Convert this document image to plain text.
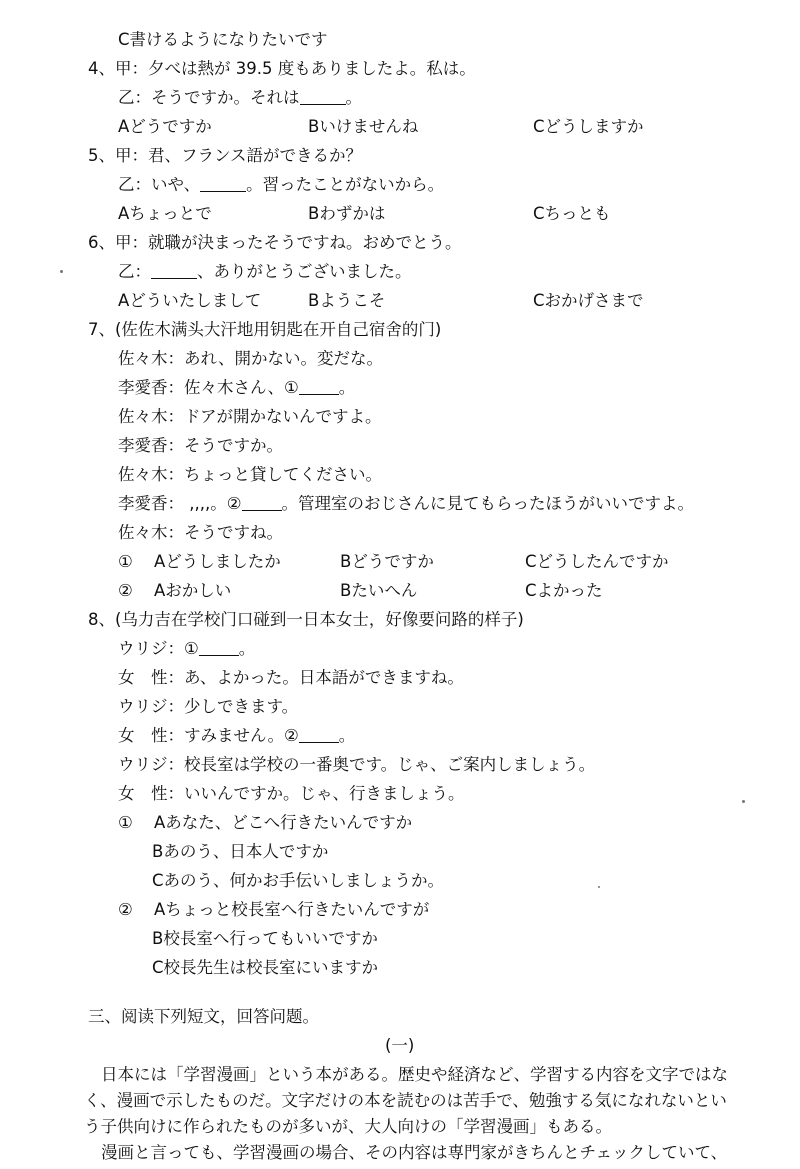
C書けるようになりたいです
4、甲：夕べは熱が 39.5 度もありましたよ。私は。
乙：そうですか。それは	。
Aどうですか	Bいけませんね	Cどうしますか
5、甲：君、フランス語ができるか？
乙：いや、	。習ったことがないから。
Aちょっとで	Bわずかは	Cちっとも
6、甲：就職が決まったそうですね。おめでとう。
乙：	、ありがとうございました。
Aどういたしまして	Bようこそ	Cおかげさまで
7、(佐佐木满头大汗地用钥匙在开自己宿舍的门)
佐々木：あれ、開かない。変だな。
李愛香：佐々木さん、① 。
佐々木：ドアが開かないんですよ。
李愛香：そうですか。
佐々木：ちょっと貸してください。
李愛香： ,,,,。② 。管理室のおじさんに見てもらったほうがいいですよ。
佐々木：そうですね。
① Aどうしましたか	Bどうですか	Cどうしたんですか
② Aおかしい	Bたいへん	Cよかった
8、(乌力吉在学校门口碰到一日本女士，好像要问路的样子)
ウリジ：① 。
女　性：あ、よかった。日本語ができますね。
ウリジ：少しできます。
女　性：すみません。② 。
ウリジ：校長室は学校の一番奥です。じゃ、ご案内しましょう。
女　性：いいんですか。じゃ、行きましょう。
① Aあなた、どこへ行きたいんですか
Bあのう、日本人ですか
Cあのう、何かお手伝いしましょうか。
② Aちょっと校長室へ行きたいんですが
B校長室へ行ってもいいですか
C校長先生は校長室にいますか
三、阅读下列短文，回答问题。
(一)
日本には「学習漫画」という本がある。歴史や経済など、学習する内容を文字ではなく、漫画で示したものだ。文字だけの本を読むのは苦手で、勉強する気になれないという子供向けに作られたものが多いが、大人向けの「学習漫画」もある。
漫画と言っても、学習漫画の場合、その内容は専門家がきちんとチェックしていて、
